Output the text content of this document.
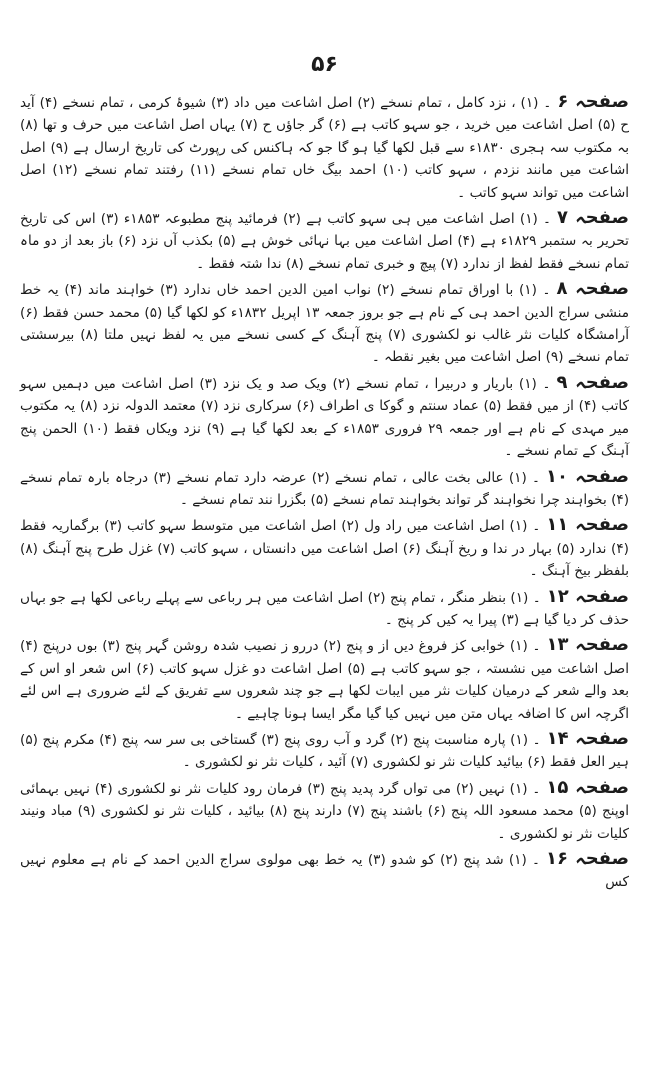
۵۶

صفحہ ۶۔ (۱) ، نزد کامل ، تمام نسخے (۲) اصل اشاعت میں داد (۳) شیوۂ کرمی ، تمام نسخے (۴) آید ح (۵) اصل اشاعت میں خرید ، جو سہو کاتب ہے (۶) گر جاؤں ح (۷) یہاں اصل اشاعت میں حرف و تھا (۸) بہ مکتوب سہ ہجری ۱۸۳۰ء سے قبل لکھا گیا ہو گا جو کہ ہاکنس کی رپورٹ کی تاریخ ارسال ہے (۹) اصل اشاعت میں مانند نزدم ، سہو کاتب (۱۰) احمد بیگ خاں تمام نسخے (۱۱) رفتند تمام نسخے (۱۲) اصل اشاعت میں تواند سہو کاتب ۔

صفحہ ۷۔ (۱) اصل اشاعت میں ہی سہو کاتب ہے (۲) فرمائید پنج مطبوعہ ۱۸۵۳ء (۳) اس کی تاریخ تحریر بہ ستمبر ۱۸۲۹ء ہے (۴) اصل اشاعت میں بہا نہائی خوش ہے (۵) بکذب آں نزد (۶) باز بعد از دو ماہ تمام نسخے فقط لفظ از ندارد (۷) پیچ و خبری تمام نسخے (۸) ندا شتہ فقط ۔

صفحہ ۸۔ (۱) با اوراق تمام نسخے (۲) نواب امین الدین احمد خاں ندارد (۳) خواہند ماند (۴) یہ خط منشی سراج الدین احمد ہی کے نام ہے جو بروز جمعہ ۱۳ اپریل ۱۸۳۲ء کو لکھا گیا (۵) محمد حسن فقط (۶) آرامشگاہ کلیات نثر غالب نو لکشوری (۷) پنج آہنگ کے کسی نسخے میں یہ لفظ نہیں ملتا (۸) بیرسشتی تمام نسخے (۹) اصل اشاعت میں بغیر نقطہ ۔

صفحہ ۹۔ (۱) باریار و دربیرا ، تمام نسخے (۲) ویک صد و یک نزد (۳) اصل اشاعت میں دہمیں سہو کاتب (۴) از میں فقط (۵) عماد سنتم و گوکا ی اطراف (۶) سرکاری نزد (۷) معتمد الدولہ نزد (۸) یہ مکتوب میر مہدی کے نام ہے اور جمعہ ۲۹ فروری ۱۸۵۳ء کے بعد لکھا گیا ہے (۹) نزد ویکاں فقط (۱۰) الحمن پنج آہنگ کے تمام نسخے ۔

صفحہ ۱۰۔ (۱) عالی بخت عالی ، تمام نسخے (۲) عرضہ دارد تمام نسخے (۳) درجاہ بارہ تمام نسخے (۴) بخواہند چرا نخواہند گر تواند بخواہند تمام نسخے (۵) بگزرا نند تمام نسخے ۔

صفحہ ۱۱۔ (۱) اصل اشاعت میں راد ول (۲) اصل اشاعت میں متوسط سہو کاتب (۳) برگماریہ فقط (۴) ندارد (۵) بہار در ندا و ریخ آہنگ (۶) اصل اشاعت میں دانستاں ، سہو کاتب (۷) غزل طرح پنج آہنگ (۸) بلفظر بیخ آہنگ ۔

صفحہ ۱۲۔ (۱) بنظر منگر ، تمام پنج (۲) اصل اشاعت میں ہر رباعی سے پہلے رباعی لکھا ہے جو بہاں حذف کر دیا گیا ہے (۳) پیرا یہ کیں کر پنج ۔

صفحہ ۱۳۔ (۱) خوابی کز فروغ دیں از و پنج (۲) دررو ز نصیب شدہ روشن گہر پنج (۳) بوں درپنج (۴) اصل اشاعت میں نشستہ ، جو سہو کاتب ہے (۵) اصل اشاعت دو غزل سہو کاتب (۶) اس شعر او اس کے بعد والے شعر کے درمیان کلیات نثر میں ایبات لکھا ہے جو چند شعروں سے تفریق کے لئے ضروری ہے اس لئے اگرچہ اس کا اضافہ یہاں متن میں نہیں کیا گیا مگر ایسا ہونا چاہیے ۔

صفحہ ۱۴۔ (۱) پارہ مناسبت پنج (۲) گرد و آب روی پنج (۳) گستاخی بی سر سہ پنج (۴) مکرم پنج (۵) ہیر العل فقط (۶) بیائید کلیات نثر نو لکشوری (۷) آئید ، کلیات نثر نو لکشوری ۔

صفحہ ۱۵۔ (۱) نہیں (۲) می تواں گرد پدید پنج (۳) فرمان رود کلیات نثر نو لکشوری (۴) نہیں بہمائی اوپنج (۵) محمد مسعود اللہ پنج (۶) باشند پنج (۷) دارند پنج (۸) بیائید ، کلیات نثر نو لکشوری (۹) مباد ونیند کلیات نثر نو لکشوری ۔

صفحہ ۱۶۔ (۱) شد پنج (۲) کو شدو (۳) یہ خط بھی مولوی سراج الدین احمد کے نام ہے معلوم نہیں کس
